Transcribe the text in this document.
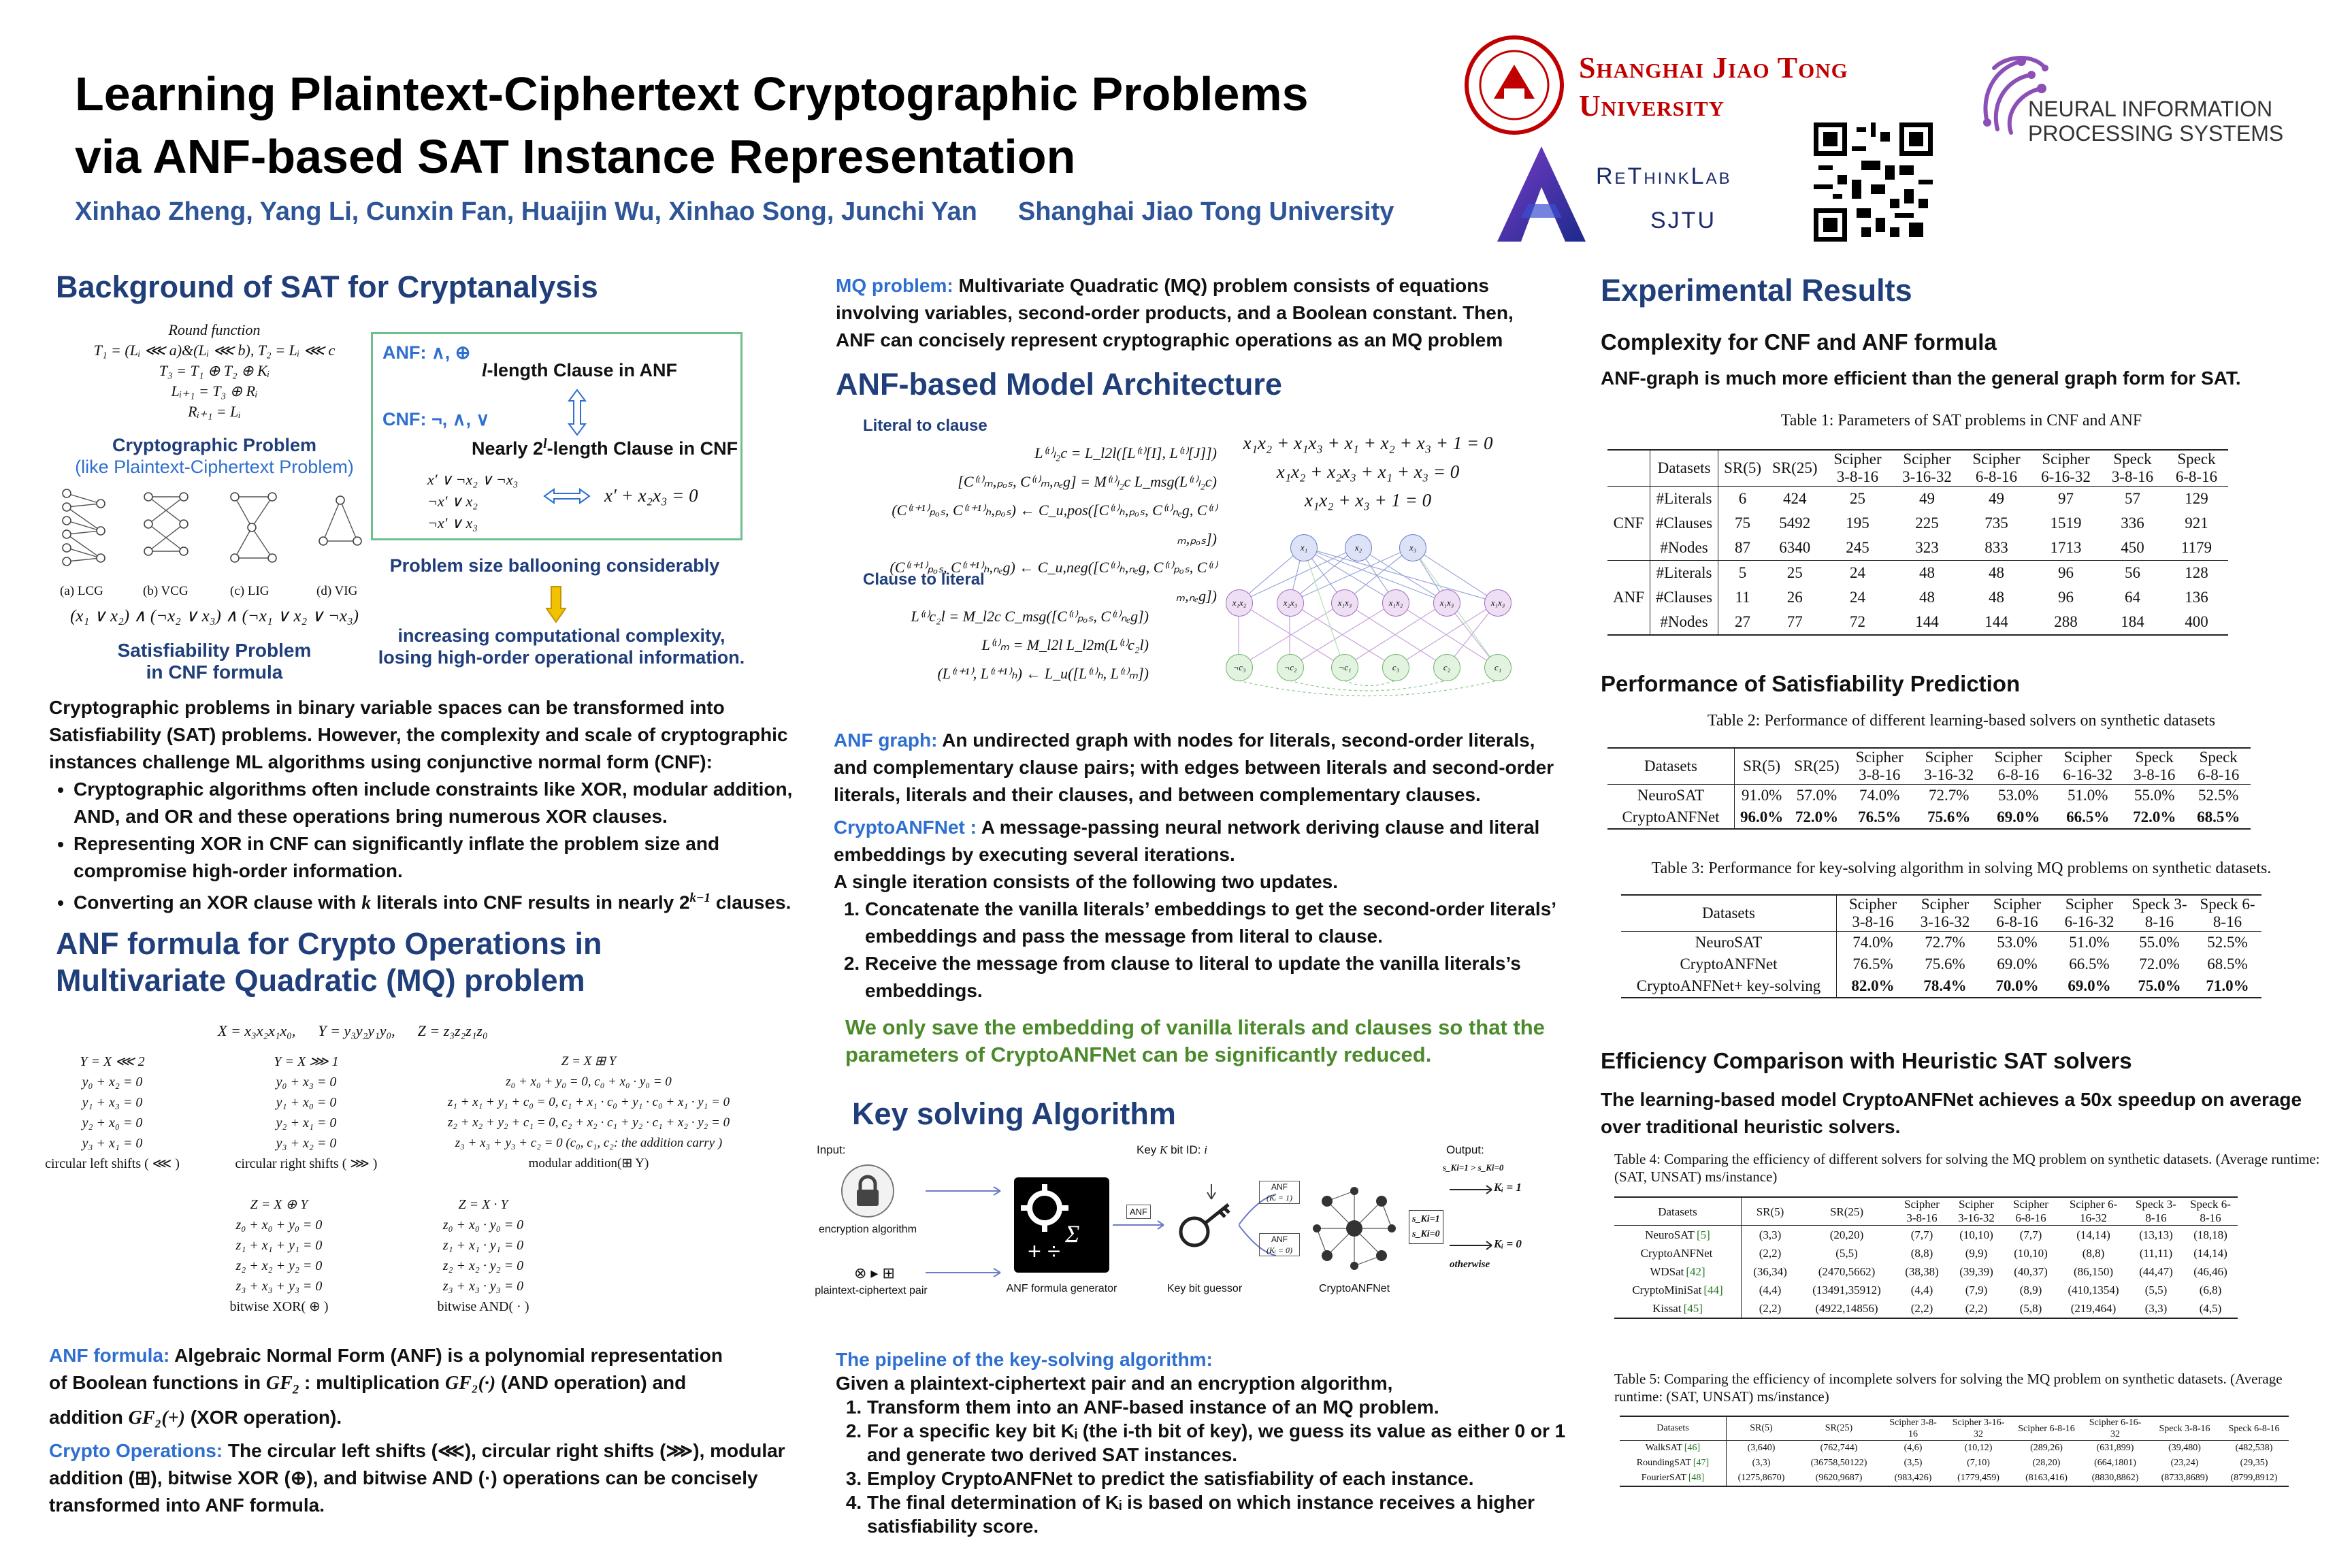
Learning Plaintext-Ciphertext Cryptographic Problems
via ANF-based SAT Instance Representation
Xinhao Zheng, Yang Li, Cunxin Fan, Huaijin Wu, Xinhao Song, Junchi Yan Shanghai Jiao Tong University
Shanghai Jiao Tong
University
ReThinkLab
SJTU
NEURAL INFORMATION
PROCESSING SYSTEMS
Background of SAT for Cryptanalysis
Round function
T₁ = (Lᵢ ⋘ a)&(Lᵢ ⋘ b), T₂ = Lᵢ ⋘ c
T₃ = T₁ ⊕ T₂ ⊕ Kᵢ
Lᵢ₊₁ = T₃ ⊕ Rᵢ
Rᵢ₊₁ = Lᵢ
Cryptographic Problem
(like Plaintext-Ciphertext Problem)
(a) LCG	(b) VCG	(c) LIG	(d) VIG
(x₁ ∨ x₂) ∧ (¬x₂ ∨ x₃) ∧ (¬x₁ ∨ x₂ ∨ ¬x₃)
Satisfiability Problem
in CNF formula
ANF: ∧, ⊕
l-length Clause in ANF
CNF: ¬, ∧, ∨
Nearly 2$^l$-length Clause in CNF
x′ ∨ ¬x₂ ∨ ¬x₃
¬x′ ∨ x₂
¬x′ ∨ x₃
x′ + x₂x₃ = 0
Problem size ballooning considerably
increasing computational complexity, losing high-order operational information.
Cryptographic problems in binary variable spaces can be transformed into Satisfiability (SAT) problems. However, the complexity and scale of cryptographic instances challenge ML algorithms using conjunctive normal form (CNF):
• Cryptographic algorithms often include constraints like XOR, modular addition, AND, and OR and these operations bring numerous XOR clauses.
• Representing XOR in CNF can significantly inflate the problem size and compromise high-order information.
• Converting an XOR clause with k literals into CNF results in nearly $2^{k-1}$ clauses.
ANF formula for Crypto Operations in
Multivariate Quadratic (MQ) problem
X = x₃x₂x₁x₀,      Y = y₃y₂y₁y₀,      Z = z₃z₂z₁z₀
Y = X ⋘ 2
y₀ + x₂ = 0
y₁ + x₃ = 0
y₂ + x₀ = 0
y₃ + x₁ = 0
circular left shifts ( ⋘ )
Y = X ⋙ 1
y₀ + x₃ = 0
y₁ + x₀ = 0
y₂ + x₁ = 0
y₃ + x₂ = 0
circular right shifts ( ⋙ )
Z = X ⊞ Y
z₀ + x₀ + y₀ = 0, c₀ + x₀ · y₀ = 0
z₁ + x₁ + y₁ + c₀ = 0, c₁ + x₁ · c₀ + y₁ · c₀ + x₁ · y₁ = 0
z₂ + x₂ + y₂ + c₁ = 0, c₂ + x₂ · c₁ + y₂ · c₁ + x₂ · y₂ = 0
z₃ + x₃ + y₃ + c₂ = 0 (c₀, c₁, c₂: the addition carry )
modular addition(⊞ Y)
Z = X ⊕ Y
z₀ + x₀ + y₀ = 0
z₁ + x₁ + y₁ = 0
z₂ + x₂ + y₂ = 0
z₃ + x₃ + y₃ = 0
bitwise XOR( ⊕ )
Z = X · Y
z₀ + x₀ · y₀ = 0
z₁ + x₁ · y₁ = 0
z₂ + x₂ · y₂ = 0
z₃ + x₃ · y₃ = 0
bitwise AND( · )
ANF formula: Algebraic Normal Form (ANF) is a polynomial representation
of Boolean functions in $GF_2$ : multiplication GF₂(·) (AND operation) and
addition GF₂(+) (XOR operation).
Crypto Operations: The circular left shifts (⋘), circular right shifts (⋙), modular addition (⊞), bitwise XOR (⊕), and bitwise AND (·) operations can be concisely transformed into ANF formula.
MQ problem: Multivariate Quadratic (MQ) problem consists of equations involving variables, second-order products, and a Boolean constant. Then, ANF can concisely represent cryptographic operations as an MQ problem
ANF-based Model Architecture
Literal to clause
L⁽ᵗ⁾ₗ₂c = L_l2l([L⁽ᵗ⁾[I], L⁽ᵗ⁾[J]])
[C⁽ᵗ⁾ₘ,ₚₒₛ, C⁽ᵗ⁾ₘ,ₙₑg] = M⁽ᵗ⁾ₗ₂c L_msg(L⁽ᵗ⁾ₗ₂c)
(C⁽ᵗ⁺¹⁾ₚₒₛ, C⁽ᵗ⁺¹⁾ₕ,ₚₒₛ) ← C_u,pos([C⁽ᵗ⁾ₕ,ₚₒₛ, C⁽ᵗ⁾ₙₑg, C⁽ᵗ⁾ₘ,ₚₒₛ])
(C⁽ᵗ⁺¹⁾ₚₒₛ, C⁽ᵗ⁺¹⁾ₕ,ₙₑg) ← C_u,neg([C⁽ᵗ⁾ₕ,ₙₑg, C⁽ᵗ⁾ₚₒₛ, C⁽ᵗ⁾ₘ,ₙₑg])
Clause to literal
L⁽ᵗ⁾c₂l = M_l2c C_msg([C⁽ᵗ⁾ₚₒₛ, C⁽ᵗ⁾ₙₑg])
L⁽ᵗ⁾ₘ = M_l2l L_l2m(L⁽ᵗ⁾c₂l)
(L⁽ᵗ⁺¹⁾, L⁽ᵗ⁺¹⁾ₕ) ← L_u([L⁽ᵗ⁾ₕ, L⁽ᵗ⁾ₘ])
x₁x₂ + x₁x₃ + x₁ + x₂ + x₃ + 1 = 0
x₁x₂ + x₂x₃ + x₁ + x₃ = 0
x₁x₂ + x₃ + 1 = 0
x₁	x₂	x₃
x₁x₂	x₂x₃	x₁x₃	x₁x₂	x₁x₃	x₁x₃
¬c₃	¬c₂	¬c₁	c₃	c₂	c₁
ANF graph: An undirected graph with nodes for literals, second-order literals, and complementary clause pairs; with edges between literals and second-order literals, literals and their clauses, and between complementary clauses.
CryptoANFNet : A message-passing neural network deriving clause and literal embeddings by executing several iterations.
A single iteration consists of the following two updates.
1. Concatenate the vanilla literals’ embeddings to get the second-order literals’ embeddings and pass the message from literal to clause.
2. Receive the message from clause to literal to update the vanilla literals’s embeddings.
We only save the embedding of vanilla literals and clauses so that the parameters of CryptoANFNet can be significantly reduced.
Key solving Algorithm
Input:
encryption algorithm
⊗▸⊞
plaintext-ciphertext pair
Σ
+ ÷
ANF formula generator
ANF
Key K bit ID: i
Key bit guessor
ANF
(Kᵢ = 1)
ANF
(Kᵢ = 0)
CryptoANFNet
Output:
s_Ki=1 > s_Ki=0
Kᵢ = 1
s_Ki=1
s_Ki=0
Kᵢ = 0
otherwise
The pipeline of the key-solving algorithm:
Given a plaintext-ciphertext pair and an encryption algorithm,
1. Transform them into an ANF-based instance of an MQ problem.
2. For a specific key bit Kᵢ (the i-th bit of key), we guess its value as either 0 or 1 and generate two derived SAT instances.
3. Employ CryptoANFNet to predict the satisfiability of each instance.
4. The final determination of Kᵢ is based on which instance receives a higher satisfiability score.
Experimental Results
Complexity for CNF and ANF formula
ANF-graph is much more efficient than the general graph form for SAT.
Table 1: Parameters of SAT problems in CNF and ANF
	Datasets	SR(5)	SR(25)	Scipher 3-8-16	Scipher 3-16-32	Scipher 6-8-16	Scipher 6-16-32	Speck 3-8-16	Speck 6-8-16
CNF	#Literals	6	424	25	49	49	97	57	129
	#Clauses	75	5492	195	225	735	1519	336	921
	#Nodes	87	6340	245	323	833	1713	450	1179
ANF	#Literals	5	25	24	48	48	96	56	128
	#Clauses	11	26	24	48	48	96	64	136
	#Nodes	27	77	72	144	144	288	184	400
Performance of Satisfiability Prediction
Table 2: Performance of different learning-based solvers on synthetic datasets
Datasets	SR(5)	SR(25)	Scipher 3-8-16	Scipher 3-16-32	Scipher 6-8-16	Scipher 6-16-32	Speck 3-8-16	Speck 6-8-16
NeuroSAT	91.0%	57.0%	74.0%	72.7%	53.0%	51.0%	55.0%	52.5%
CryptoANFNet	96.0%	72.0%	76.5%	75.6%	69.0%	66.5%	72.0%	68.5%
Table 3: Performance for key-solving algorithm in solving MQ problems on synthetic datasets.
Datasets	Scipher 3-8-16	Scipher 3-16-32	Scipher 6-8-16	Scipher 6-16-32	Speck 3-8-16	Speck 6-8-16
NeuroSAT	74.0%	72.7%	53.0%	51.0%	55.0%	52.5%
CryptoANFNet	76.5%	75.6%	69.0%	66.5%	72.0%	68.5%
CryptoANFNet+ key-solving	82.0%	78.4%	70.0%	69.0%	75.0%	71.0%
Efficiency Comparison with Heuristic SAT solvers
The learning-based model CryptoANFNet achieves a 50x speedup on average over traditional heuristic solvers.
Table 4: Comparing the efficiency of different solvers for solving the MQ problem on synthetic datasets. (Average runtime: (SAT, UNSAT) ms/instance)
Datasets	SR(5)	SR(25)	Scipher 3-8-16	Scipher 3-16-32	Scipher 6-8-16	Scipher 6-16-32	Speck 3-8-16	Speck 6-8-16
NeuroSAT [5]	(3,3)	(20,20)	(7,7)	(10,10)	(7,7)	(14,14)	(13,13)	(18,18)
CryptoANFNet	(2,2)	(5,5)	(8,8)	(9,9)	(10,10)	(8,8)	(11,11)	(14,14)
WDSat [42]	(36,34)	(2470,5662)	(38,38)	(39,39)	(40,37)	(86,150)	(44,47)	(46,46)
CryptoMiniSat [44]	(4,4)	(13491,35912)	(4,4)	(7,9)	(8,9)	(410,1354)	(5,5)	(6,8)
Kissat [45]	(2,2)	(4922,14856)	(2,2)	(2,2)	(5,8)	(219,464)	(3,3)	(4,5)
Table 5: Comparing the efficiency of incomplete solvers for solving the MQ problem on synthetic datasets. (Average runtime: (SAT, UNSAT) ms/instance)
Datasets	SR(5)	SR(25)	Scipher 3-8-16	Scipher 3-16-32	Scipher 6-8-16	Scipher 6-16-32	Speck 3-8-16	Speck 6-8-16
WalkSAT [46]	(3,640)	(762,744)	(4,6)	(10,12)	(289,26)	(631,899)	(39,480)	(482,538)
RoundingSAT [47]	(3,3)	(36758,50122)	(3,5)	(7,10)	(28,20)	(664,1801)	(23,24)	(29,35)
FourierSAT [48]	(1275,8670)	(9620,9687)	(983,426)	(1779,459)	(8163,416)	(8830,8862)	(8733,8689)	(8799,8912)
